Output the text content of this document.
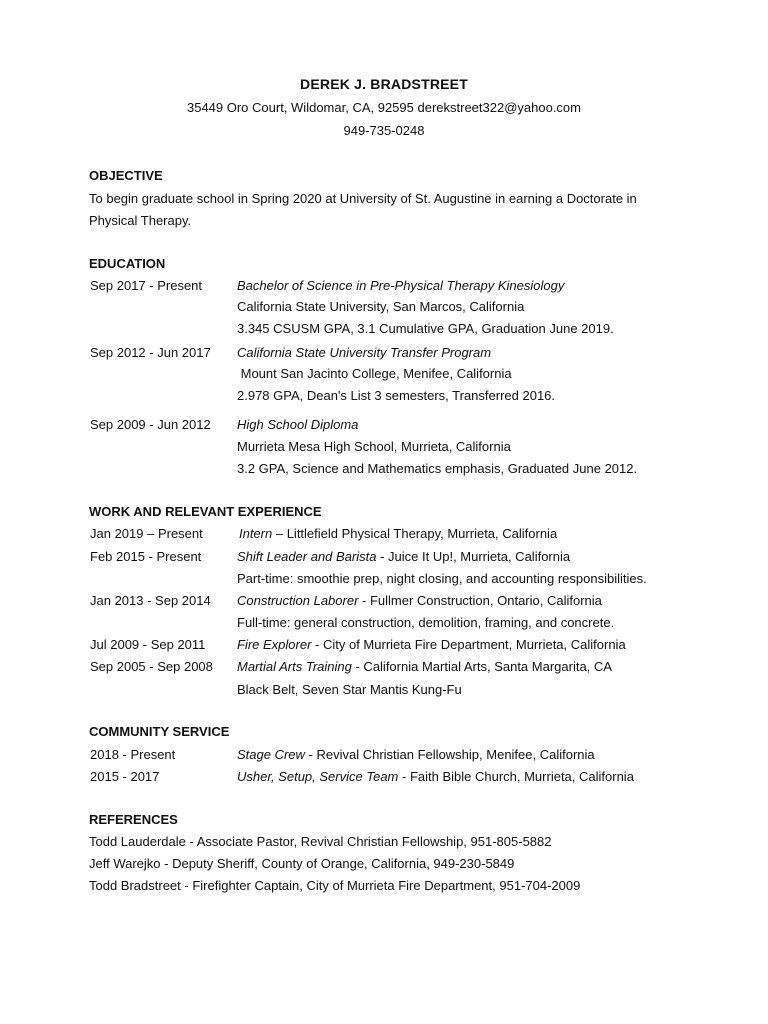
DEREK J. BRADSTREET
35449 Oro Court, Wildomar, CA, 92595 derekstreet322@yahoo.com
949-735-0248
OBJECTIVE
To begin graduate school in Spring 2020 at University of St. Augustine in earning a Doctorate in
Physical Therapy.
EDUCATION
Sep 2017 - Present	Bachelor of Science in Pre-Physical Therapy Kinesiology
California State University, San Marcos, California
3.345 CSUSM GPA, 3.1 Cumulative GPA, Graduation June 2019.
Sep 2012 - Jun 2017 California State University Transfer Program
Mount San Jacinto College, Menifee, California
2.978 GPA, Dean's List 3 semesters, Transferred 2016.
Sep 2009 - Jun 2012 High School Diploma
Murrieta Mesa High School, Murrieta, California
3.2 GPA, Science and Mathematics emphasis, Graduated June 2012.
WORK AND RELEVANT EXPERIENCE
Jan 2019 – Present	Intern – Littlefield Physical Therapy, Murrieta, California
Feb 2015 - Present	Shift Leader and Barista - Juice It Up!, Murrieta, California
Part-time: smoothie prep, night closing, and accounting responsibilities.
Jan 2013 - Sep 2014 Construction Laborer - Fullmer Construction, Ontario, California
Full-time: general construction, demolition, framing, and concrete.
Jul 2009 - Sep 2011 Fire Explorer - City of Murrieta Fire Department, Murrieta, California
Sep 2005 - Sep 2008 Martial Arts Training - California Martial Arts, Santa Margarita, CA
Black Belt, Seven Star Mantis Kung-Fu
COMMUNITY SERVICE
2018 - Present	Stage Crew - Revival Christian Fellowship, Menifee, California
2015 - 2017	Usher, Setup, Service Team - Faith Bible Church, Murrieta, California
REFERENCES
Todd Lauderdale - Associate Pastor, Revival Christian Fellowship, 951-805-5882
Jeff Warejko - Deputy Sheriff, County of Orange, California, 949-230-5849
Todd Bradstreet - Firefighter Captain, City of Murrieta Fire Department, 951-704-2009
